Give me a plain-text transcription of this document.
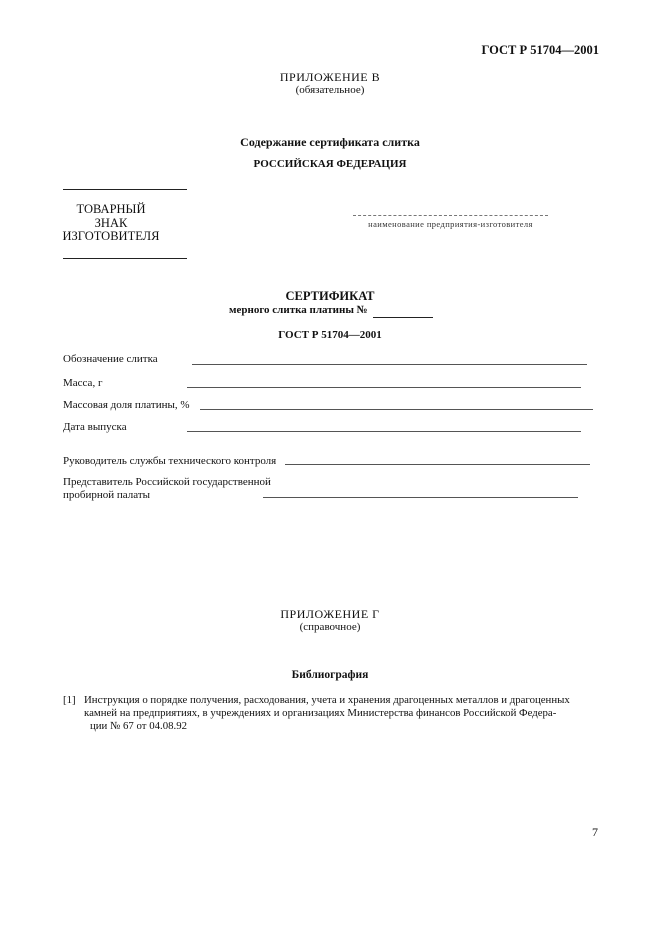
ГОСТ Р 51704—2001
ПРИЛОЖЕНИЕ В
(обязательное)
Содержание сертификата слитка
РОССИЙСКАЯ ФЕДЕРАЦИЯ
ТОВАРНЫЙ
ЗНАК
ИЗГОТОВИТЕЛЯ
наименование предприятия-изготовителя
СЕРТИФИКАТ
мерного слитка платины №
ГОСТ Р 51704—2001
Обозначение слитка
Масса, г
Массовая доля платины, %
Дата выпуска
Руководитель службы технического контроля
Представитель Российской государственной
пробирной палаты
ПРИЛОЖЕНИЕ Г
(справочное)
Библиография
[1] Инструкция о порядке получения, расходования, учета и хранения драгоценных металлов и драгоценных
камней на предприятиях, в учреждениях и организациях Министерства финансов Российской Федера-
ции № 67 от 04.08.92
7
